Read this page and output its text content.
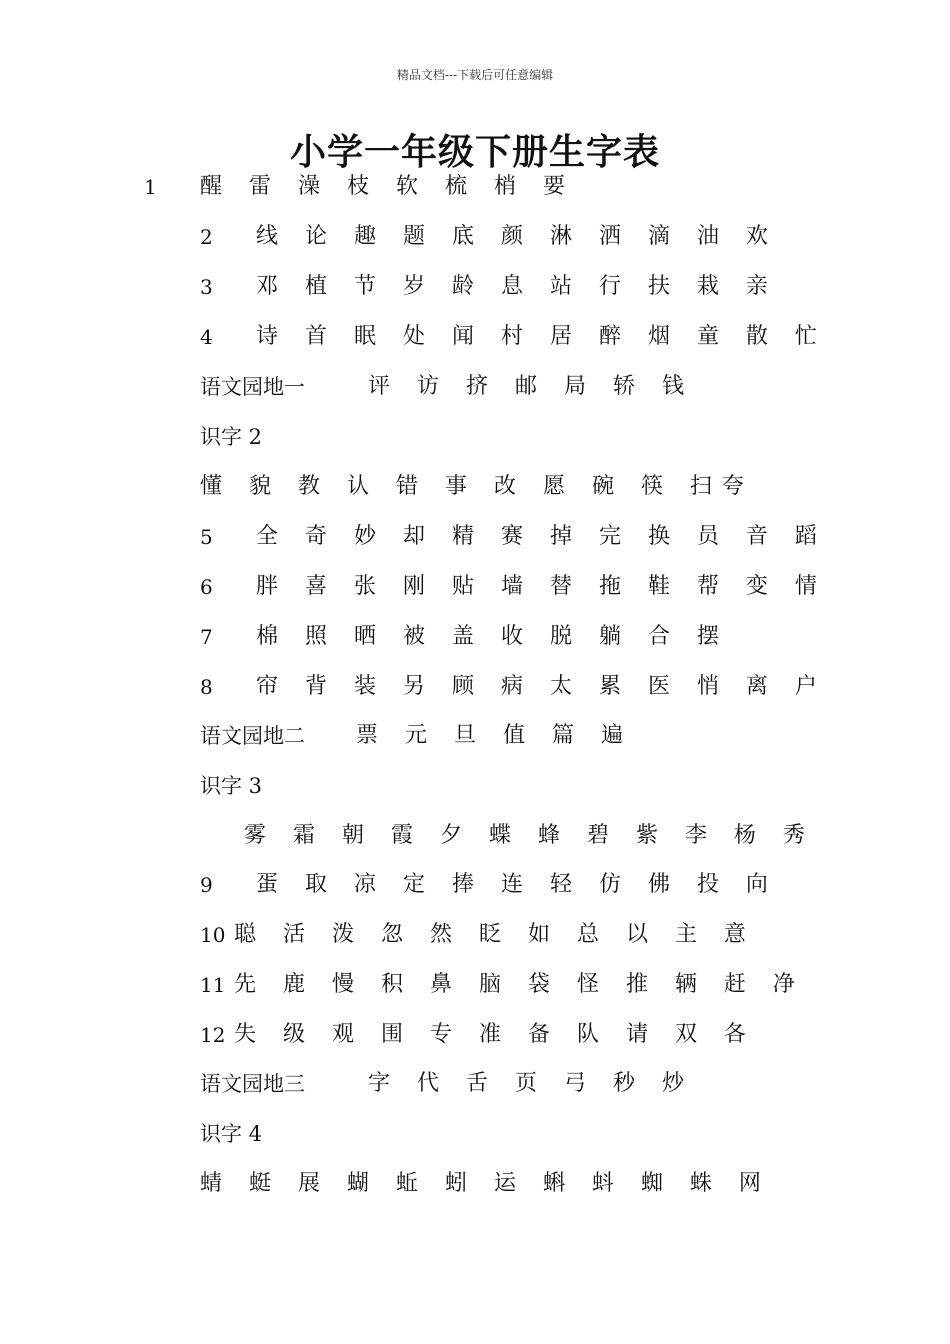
精品文档---下载后可任意编辑
小学一年级下册生字表
1 醒 雷 澡 枝 软 梳 梢 要
2 线 论 趣 题 底 颜 淋 洒 滴 油 欢
3 邓 植 节 岁 龄 息 站 行 扶 栽 亲
4 诗 首 眠 处 闻 村 居 醉 烟 童 散 忙
语文园地一	评 访 挤 邮 局 轿 钱
识字 2
懂 貌 教 认 错 事 改 愿 碗 筷 扫夸
5 全 奇 妙 却 精 赛 掉 完 换 员 音 蹈
6 胖 喜 张 刚 贴 墙 替 拖 鞋 帮 变 情
7 棉 照 晒 被 盖 收 脱 躺 合 摆
8 帘 背 装 另 顾 病 太 累 医 悄 离 户
语文园地二 票 元 旦 值 篇 遍
识字 3
雾 霜 朝 霞 夕 蝶 蜂 碧 紫 李 杨 秀
9 蛋 取 凉 定 捧 连 轻 仿 佛 投 向
10 聪 活 泼 忽 然 眨 如 总 以 主 意
11 先 鹿 慢 积 鼻 脑 袋 怪 推 辆 赶 净
12 失 级 观 围 专 准 备 队 请 双 各
语文园地三	字 代 舌 页 弓 秒 炒
识字 4
蜻 蜓 展 蝴 蚯 蚓 运 蝌 蚪 蜘 蛛 网
